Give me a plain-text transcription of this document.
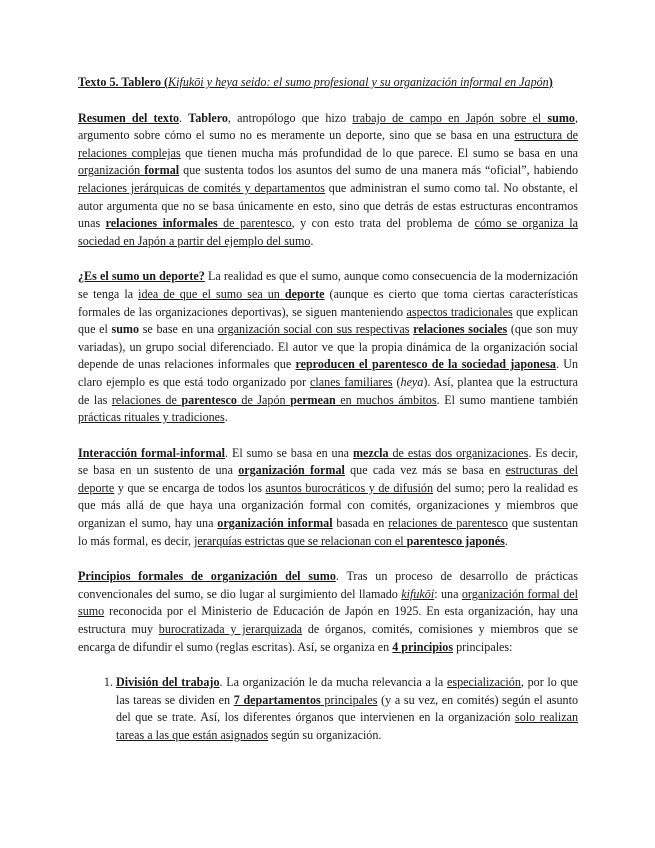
Texto 5. Tablero (Kifukōi y heya seido: el sumo profesional y su organización informal en Japón)

Resumen del texto. Tablero, antropólogo que hizo trabajo de campo en Japón sobre el sumo, argumento sobre cómo el sumo no es meramente un deporte, sino que se basa en una estructura de relaciones complejas que tienen mucha más profundidad de lo que parece. El sumo se basa en una organización formal que sustenta todos los asuntos del sumo de una manera más “oficial”, habiendo relaciones jerárquicas de comités y departamentos que administran el sumo como tal. No obstante, el autor argumenta que no se basa únicamente en esto, sino que detrás de estas estructuras encontramos unas relaciones informales de parentesco, y con esto trata del problema de cómo se organiza la sociedad en Japón a partir del ejemplo del sumo.

¿Es el sumo un deporte? La realidad es que el sumo, aunque como consecuencia de la modernización se tenga la idea de que el sumo sea un deporte (aunque es cierto que toma ciertas características formales de las organizaciones deportivas), se siguen manteniendo aspectos tradicionales que explican que el sumo se base en una organización social con sus respectivas relaciones sociales (que son muy variadas), un grupo social diferenciado. El autor ve que la propia dinámica de la organización social depende de unas relaciones informales que reproducen el parentesco de la sociedad japonesa. Un claro ejemplo es que está todo organizado por clanes familiares (heya). Así, plantea que la estructura de las relaciones de parentesco de Japón permean en muchos ámbitos. El sumo mantiene también prácticas rituales y tradiciones.

Interacción formal-informal. El sumo se basa en una mezcla de estas dos organizaciones. Es decir, se basa en un sustento de una organización formal que cada vez más se basa en estructuras del deporte y que se encarga de todos los asuntos burocráticos y de difusión del sumo; pero la realidad es que más allá de que haya una organización formal con comités, organizaciones y miembros que organizan el sumo, hay una organización informal basada en relaciones de parentesco que sustentan lo más formal, es decir, jerarquías estrictas que se relacionan con el parentesco japonés.

Principios formales de organización del sumo. Tras un proceso de desarrollo de prácticas convencionales del sumo, se dio lugar al surgimiento del llamado kifukōi: una organización formal del sumo reconocida por el Ministerio de Educación de Japón en 1925. En esta organización, hay una estructura muy burocratizada y jerarquizada de órganos, comités, comisiones y miembros que se encarga de difundir el sumo (reglas escritas). Así, se organiza en 4 principios principales:

1. División del trabajo. La organización le da mucha relevancia a la especialización, por lo que las tareas se dividen en 7 departamentos principales (y a su vez, en comités) según el asunto del que se trate. Así, los diferentes órganos que intervienen en la organización solo realizan tareas a las que están asignados según su organización.
